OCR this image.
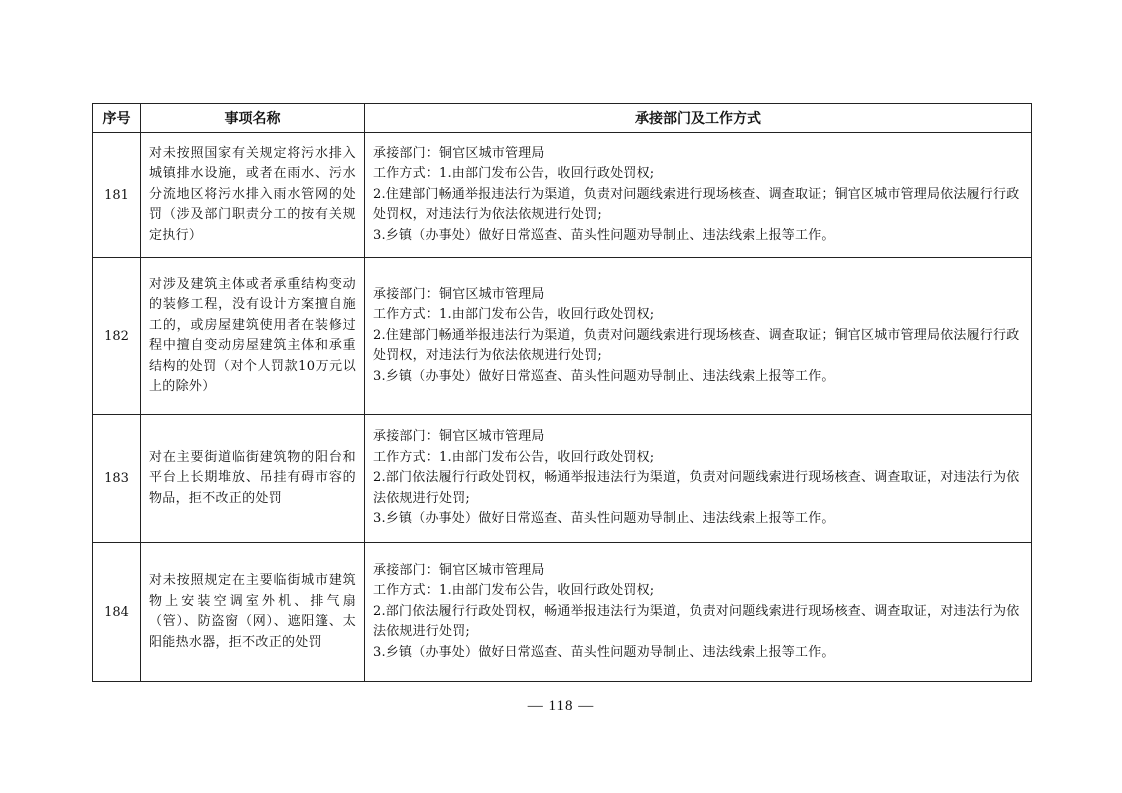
序号	事项名称	承接部门及工作方式
181	对未按照国家有关规定将污水排入城镇排水设施，或者在雨水、污水分流地区将污水排入雨水管网的处罚（涉及部门职责分工的按有关规定执行）	承接部门：铜官区城市管理局
工作方式：1.由部门发布公告，收回行政处罚权;
2.住建部门畅通举报违法行为渠道，负责对问题线索进行现场核查、调查取证；铜官区城市管理局依法履行行政处罚权，对违法行为依法依规进行处罚;
3.乡镇（办事处）做好日常巡查、苗头性问题劝导制止、违法线索上报等工作。

182	对涉及建筑主体或者承重结构变动的装修工程，没有设计方案擅自施工的，或房屋建筑使用者在装修过程中擅自变动房屋建筑主体和承重结构的处罚（对个人罚款10万元以上的除外）	承接部门：铜官区城市管理局
工作方式：1.由部门发布公告，收回行政处罚权;
2.住建部门畅通举报违法行为渠道，负责对问题线索进行现场核查、调查取证；铜官区城市管理局依法履行行政处罚权，对违法行为依法依规进行处罚;
3.乡镇（办事处）做好日常巡查、苗头性问题劝导制止、违法线索上报等工作。

183	对在主要街道临街建筑物的阳台和平台上长期堆放、吊挂有碍市容的物品，拒不改正的处罚	承接部门：铜官区城市管理局
工作方式：1.由部门发布公告，收回行政处罚权;
2.部门依法履行行政处罚权，畅通举报违法行为渠道，负责对问题线索进行现场核查、调查取证，对违法行为依法依规进行处罚;
3.乡镇（办事处）做好日常巡查、苗头性问题劝导制止、违法线索上报等工作。

184	对未按照规定在主要临街城市建筑物上安装空调室外机、排气扇（管）、防盗窗（网）、遮阳篷、太阳能热水器，拒不改正的处罚	承接部门：铜官区城市管理局
工作方式：1.由部门发布公告，收回行政处罚权;
2.部门依法履行行政处罚权，畅通举报违法行为渠道，负责对问题线索进行现场核查、调查取证，对违法行为依法依规进行处罚;
3.乡镇（办事处）做好日常巡查、苗头性问题劝导制止、违法线索上报等工作。
— 118 —
